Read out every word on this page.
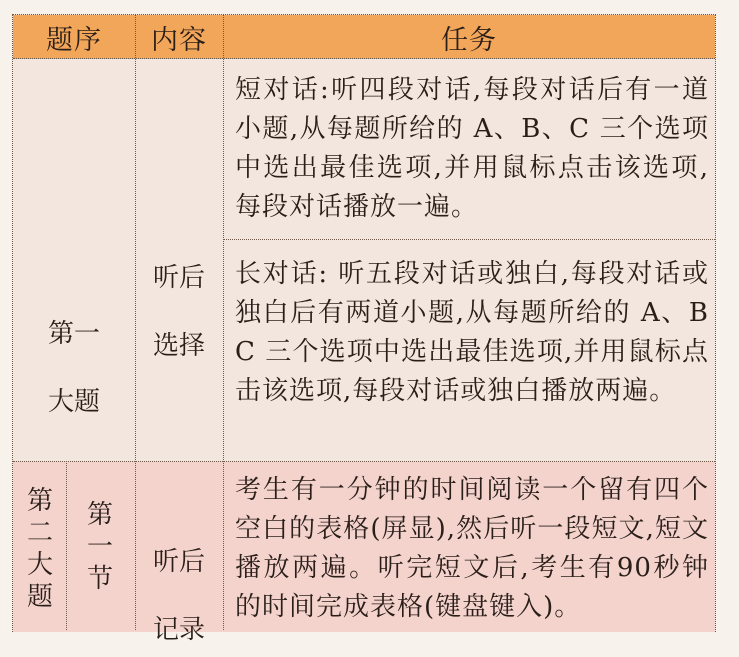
题序	内容	任务

第一

大题

听后

选择

短对话:听四段对话,每段对话后有一道小题,从每题所给的 A、B、C 三个选项中选出最佳选项,并用鼠标点击该选项,每段对话播放一遍。
长对话: 听五段对话或独白,每段对话或独白后有两道小题,从每题所给的 A、B C 三个选项中选出最佳选项,并用鼠标点击该选项,每段对话或独白播放两遍。
第二大题
第一节

听后

记录

考生有一分钟的时间阅读一个留有四个空白的表格(屏显),然后听一段短文,短文播放两遍。听完短文后,考生有90秒钟的时间完成表格(键盘键入)。
